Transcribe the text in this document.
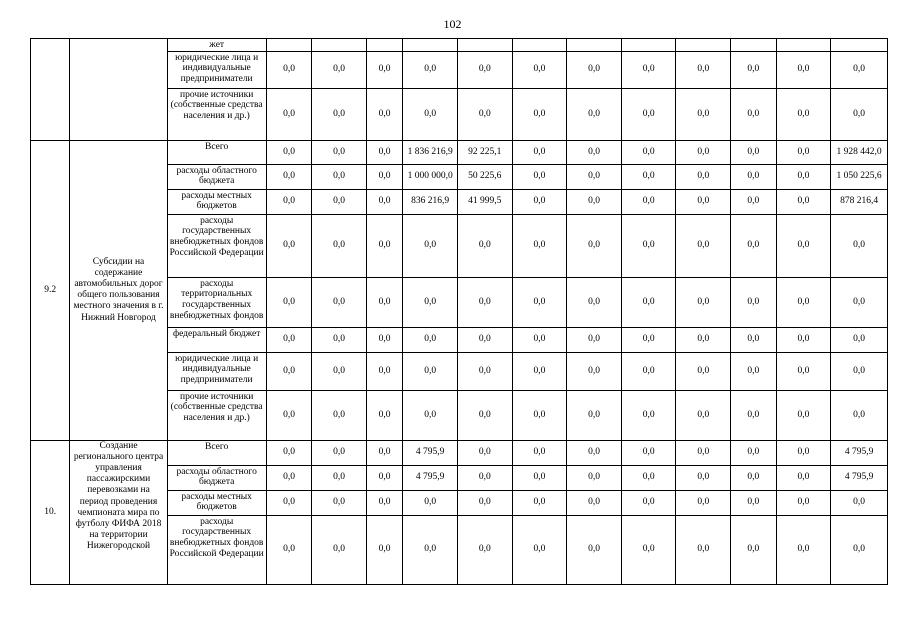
102
		жет												
		юридические лица и индивидуальные предприниматели	0,0	0,0	0,0	0,0	0,0	0,0	0,0	0,0	0,0	0,0	0,0	0,0
		прочие источники (собственные средства населения и др.)	0,0	0,0	0,0	0,0	0,0	0,0	0,0	0,0	0,0	0,0	0,0	0,0
9.2	Субсидии на содержание автомобильных дорог общего пользования местного значения в г. Нижний Новгород	Всего	0,0	0,0	0,0	1 836 216,9	92 225,1	0,0	0,0	0,0	0,0	0,0	0,0	1 928 442,0
		расходы областного бюджета	0,0	0,0	0,0	1 000 000,0	50 225,6	0,0	0,0	0,0	0,0	0,0	0,0	1 050 225,6
		расходы местных бюджетов	0,0	0,0	0,0	836 216,9	41 999,5	0,0	0,0	0,0	0,0	0,0	0,0	878 216,4
		расходы государственных внебюджетных фондов Российской Федерации	0,0	0,0	0,0	0,0	0,0	0,0	0,0	0,0	0,0	0,0	0,0	0,0
		расходы территориальных государственных внебюджетных фондов	0,0	0,0	0,0	0,0	0,0	0,0	0,0	0,0	0,0	0,0	0,0	0,0
		федеральный бюджет	0,0	0,0	0,0	0,0	0,0	0,0	0,0	0,0	0,0	0,0	0,0	0,0
		юридические лица и индивидуальные предприниматели	0,0	0,0	0,0	0,0	0,0	0,0	0,0	0,0	0,0	0,0	0,0	0,0
		прочие источники (собственные средства населения и др.)	0,0	0,0	0,0	0,0	0,0	0,0	0,0	0,0	0,0	0,0	0,0	0,0
10.	Создание регионального центра управления пассажирскими перевозками на период проведения чемпионата мира по футболу ФИФА 2018 на территории Нижегородской	Всего	0,0	0,0	0,0	4 795,9	0,0	0,0	0,0	0,0	0,0	0,0	0,0	4 795,9
		расходы областного бюджета	0,0	0,0	0,0	4 795,9	0,0	0,0	0,0	0,0	0,0	0,0	0,0	4 795,9
		расходы местных бюджетов	0,0	0,0	0,0	0,0	0,0	0,0	0,0	0,0	0,0	0,0	0,0	0,0
		расходы государственных внебюджетных фондов Российской Федерации	0,0	0,0	0,0	0,0	0,0	0,0	0,0	0,0	0,0	0,0	0,0	0,0
